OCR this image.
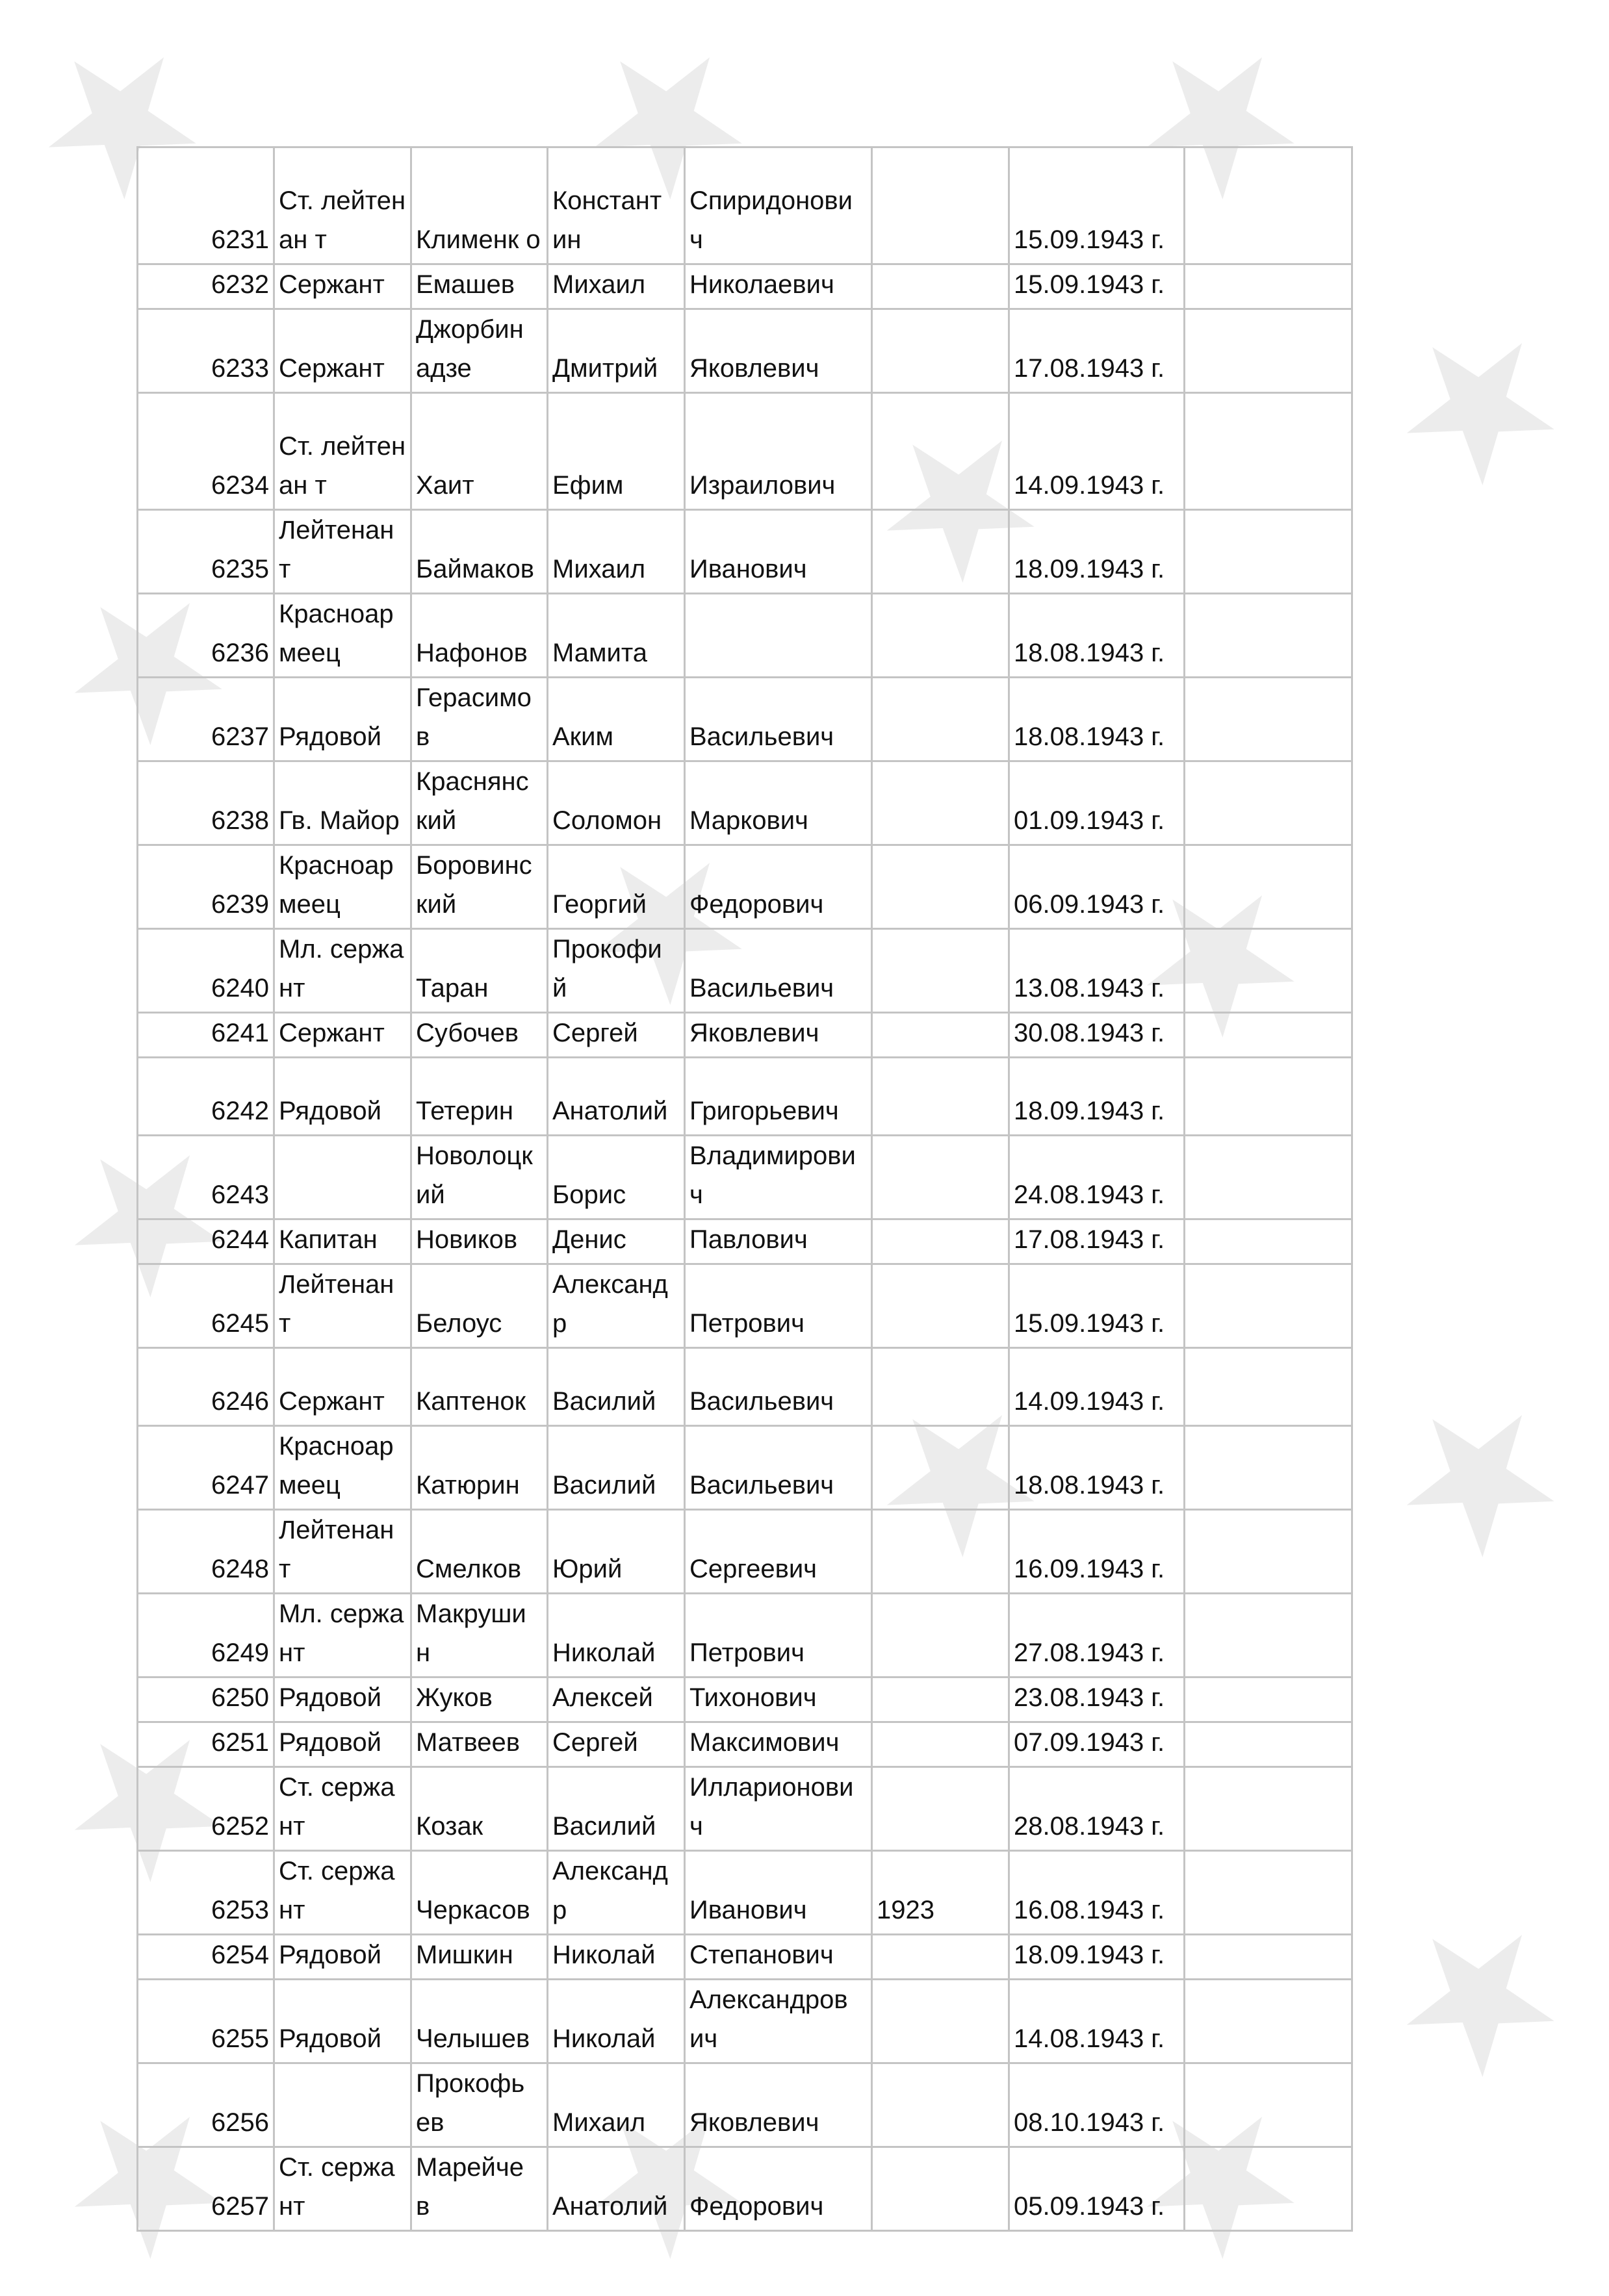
6231	Ст. лейтенан т	Клименк о	Констант ин	Спиридонови ч		15.09.1943 г.	
6232	Сержант	Емашев	Михаил	Николаевич		15.09.1943 г.	
6233	Сержант	Джорбин адзе	Дмитрий	Яковлевич		17.08.1943 г.	
6234	Ст. лейтенан т	Хаит	Ефим	Израилович		14.09.1943 г.	
6235	Лейтенан т	Баймаков	Михаил	Иванович		18.09.1943 г.	
6236	Красноар меец	Нафонов	Мамита			18.08.1943 г.	
6237	Рядовой	Герасимо в	Аким	Васильевич		18.08.1943 г.	
6238	Гв. Майор	Краснянс кий	Соломон	Маркович		01.09.1943 г.	
6239	Красноар меец	Боровинс кий	Георгий	Федорович		06.09.1943 г.	
6240	Мл. сержант	Таран	Прокофи й	Васильевич		13.08.1943 г.	
6241	Сержант	Субочев	Сергей	Яковлевич		30.08.1943 г.	
6242	Рядовой	Тетерин	Анатолий	Григорьевич		18.09.1943 г.	
6243		Новолоцк ий	Борис	Владимирови ч		24.08.1943 г.	
6244	Капитан	Новиков	Денис	Павлович		17.08.1943 г.	
6245	Лейтенан т	Белоус	Александ р	Петрович		15.09.1943 г.	
6246	Сержант	Каптенок	Василий	Васильевич		14.09.1943 г.	
6247	Красноар меец	Катюрин	Василий	Васильевич		18.08.1943 г.	
6248	Лейтенан т	Смелков	Юрий	Сергеевич		16.09.1943 г.	
6249	Мл. сержант	Макруши н	Николай	Петрович		27.08.1943 г.	
6250	Рядовой	Жуков	Алексей	Тихонович		23.08.1943 г.	
6251	Рядовой	Матвеев	Сергей	Максимович		07.09.1943 г.	
6252	Ст. сержант	Козак	Василий	Илларионови ч		28.08.1943 г.	
6253	Ст. сержант	Черкасов	Александ р	Иванович	1923	16.08.1943 г.	
6254	Рядовой	Мишкин	Николай	Степанович		18.09.1943 г.	
6255	Рядовой	Челышев	Николай	Александров ич		14.08.1943 г.	
6256		Прокофь ев	Михаил	Яковлевич		08.10.1943 г.	
6257	Ст. сержант	Марейче в	Анатолий	Федорович		05.09.1943 г.	
